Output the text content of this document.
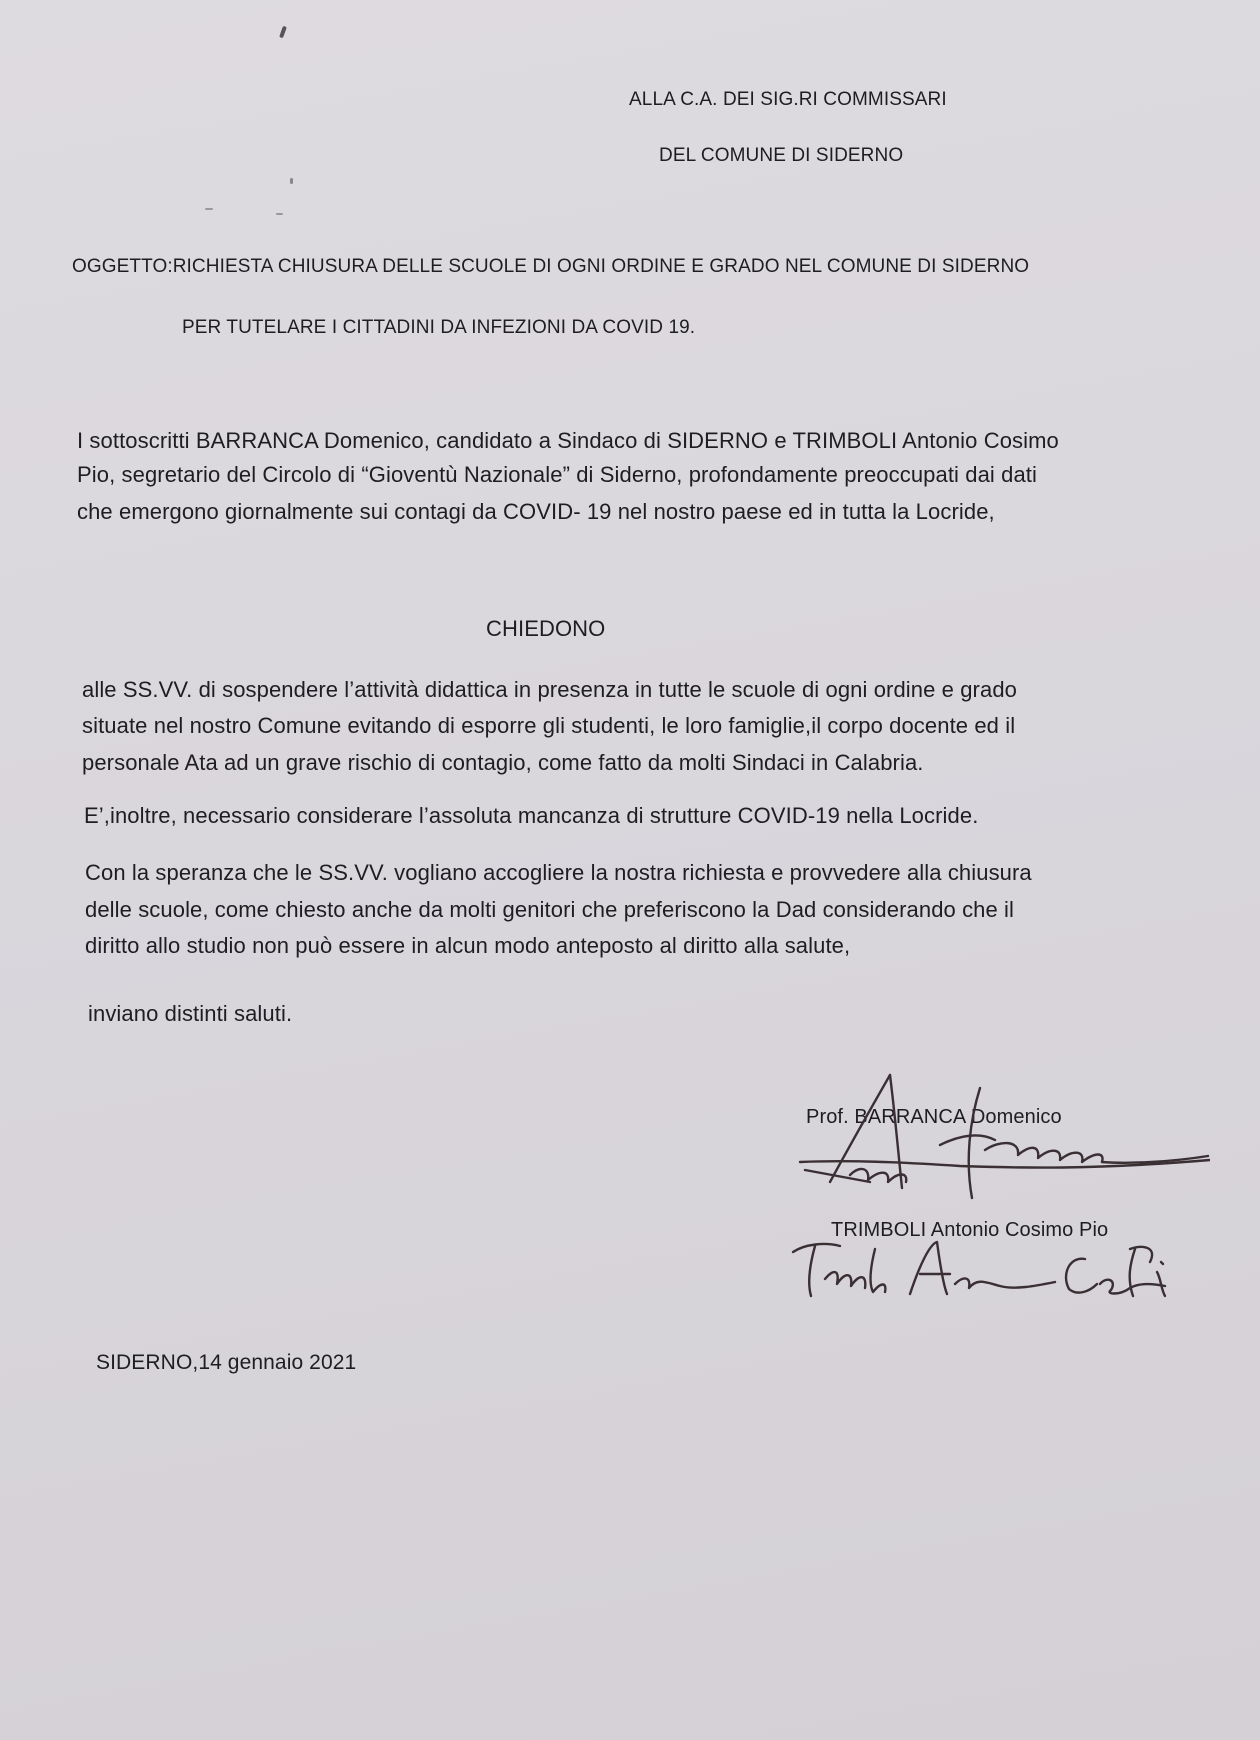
ALLA C.A. DEI SIG.RI COMMISSARI
DEL COMUNE DI SIDERNO
OGGETTO:RICHIESTA CHIUSURA DELLE SCUOLE DI OGNI ORDINE E GRADO NEL COMUNE DI SIDERNO
PER TUTELARE I CITTADINI DA INFEZIONI DA COVID 19.
I sottoscritti BARRANCA Domenico, candidato a Sindaco di SIDERNO e TRIMBOLI Antonio Cosimo
Pio, segretario del Circolo di “Gioventù Nazionale” di Siderno, profondamente preoccupati dai dati
che emergono giornalmente sui contagi da COVID- 19 nel nostro paese ed in tutta la Locride,
CHIEDONO
alle SS.VV. di sospendere l’attività didattica in presenza in tutte le scuole di ogni ordine e grado
situate nel nostro Comune evitando di esporre gli studenti, le loro famiglie,il corpo docente ed il
personale Ata ad un grave rischio di contagio, come fatto da molti Sindaci in Calabria.
E’,inoltre, necessario considerare l’assoluta mancanza di strutture COVID-19 nella Locride.
Con la speranza che le SS.VV. vogliano accogliere la nostra richiesta e provvedere alla chiusura
delle scuole, come chiesto anche da molti genitori che preferiscono la Dad considerando che il
diritto allo studio non può essere in alcun modo anteposto al diritto alla salute,
inviano distinti saluti.
Prof. BARRANCA Domenico
TRIMBOLI Antonio Cosimo Pio
SIDERNO,14 gennaio 2021
